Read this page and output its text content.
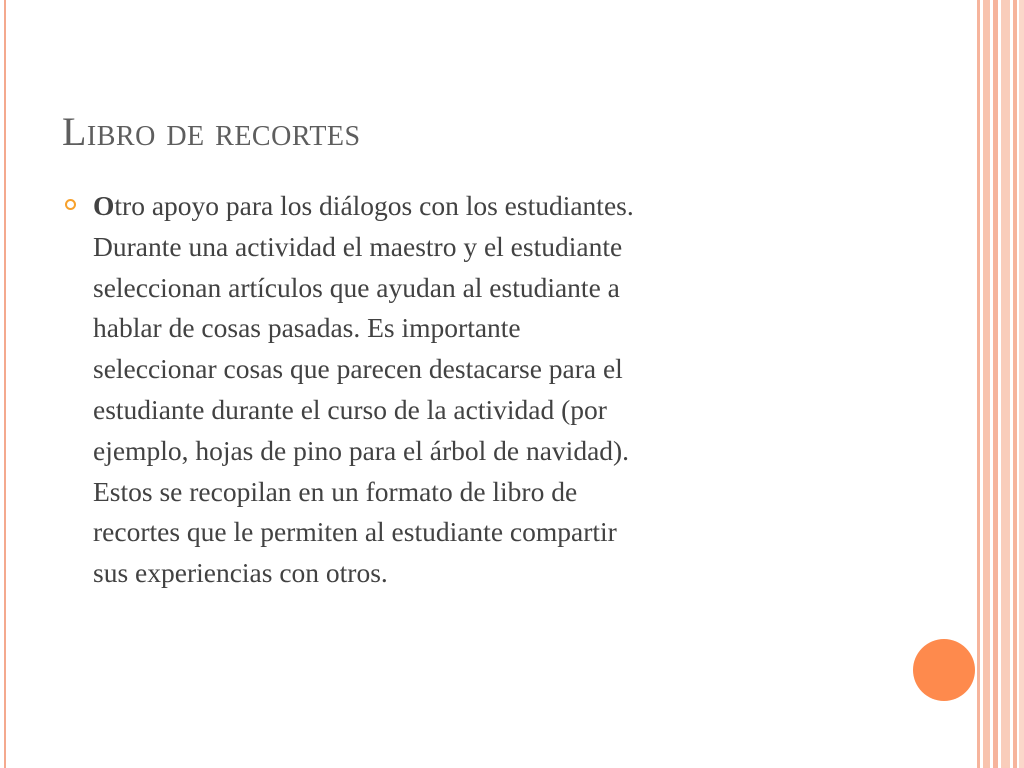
Libro de recortes

Otro apoyo para los diálogos con los estudiantes.
Durante una actividad el maestro y el estudiante
seleccionan artículos que ayudan al estudiante a
hablar de cosas pasadas. Es importante
seleccionar cosas que parecen destacarse para el
estudiante durante el curso de la actividad (por
ejemplo, hojas de pino para el árbol de navidad).
Estos se recopilan en un formato de libro de
recortes que le permiten al estudiante compartir
sus experiencias con otros.
